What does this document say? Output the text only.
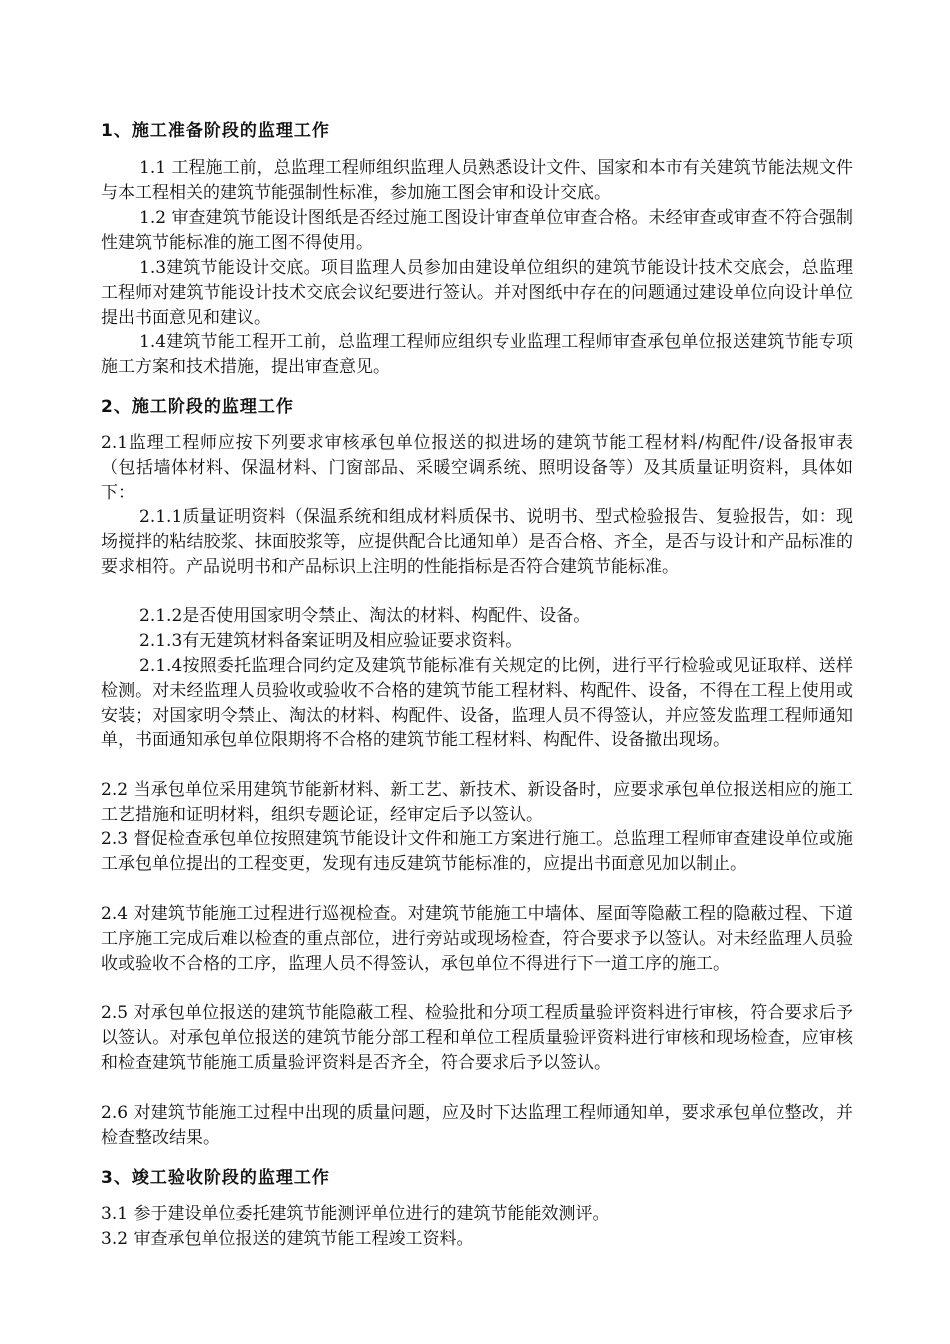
1、施工准备阶段的监理工作

1.1 工程施工前，总监理工程师组织监理人员熟悉设计文件、国家和本市有关建筑节能法规文件与本工程相关的建筑节能强制性标准，参加施工图会审和设计交底。

1.2 审查建筑节能设计图纸是否经过施工图设计审查单位审查合格。未经审查或审查不符合强制性建筑节能标准的施工图不得使用。

1.3建筑节能设计交底。项目监理人员参加由建设单位组织的建筑节能设计技术交底会，总监理工程师对建筑节能设计技术交底会议纪要进行签认。并对图纸中存在的问题通过建设单位向设计单位提出书面意见和建议。

1.4建筑节能工程开工前，总监理工程师应组织专业监理工程师审查承包单位报送建筑节能专项施工方案和技术措施，提出审查意见。

2、施工阶段的监理工作

2.1监理工程师应按下列要求审核承包单位报送的拟进场的建筑节能工程材料/构配件/设备报审表（包括墙体材料、保温材料、门窗部品、采暖空调系统、照明设备等）及其质量证明资料，具体如下：

2.1.1质量证明资料（保温系统和组成材料质保书、说明书、型式检验报告、复验报告，如：现场搅拌的粘结胶浆、抹面胶浆等，应提供配合比通知单）是否合格、齐全，是否与设计和产品标准的要求相符。产品说明书和产品标识上注明的性能指标是否符合建筑节能标准。

2.1.2是否使用国家明令禁止、淘汰的材料、构配件、设备。

2.1.3有无建筑材料备案证明及相应验证要求资料。

2.1.4按照委托监理合同约定及建筑节能标准有关规定的比例，进行平行检验或见证取样、送样检测。对未经监理人员验收或验收不合格的建筑节能工程材料、构配件、设备，不得在工程上使用或安装；对国家明令禁止、淘汰的材料、构配件、设备，监理人员不得签认，并应签发监理工程师通知单，书面通知承包单位限期将不合格的建筑节能工程材料、构配件、设备撤出现场。

2.2 当承包单位采用建筑节能新材料、新工艺、新技术、新设备时，应要求承包单位报送相应的施工工艺措施和证明材料，组织专题论证，经审定后予以签认。

2.3 督促检查承包单位按照建筑节能设计文件和施工方案进行施工。总监理工程师审查建设单位或施工承包单位提出的工程变更，发现有违反建筑节能标准的，应提出书面意见加以制止。

2.4 对建筑节能施工过程进行巡视检查。对建筑节能施工中墙体、屋面等隐蔽工程的隐蔽过程、下道工序施工完成后难以检查的重点部位，进行旁站或现场检查，符合要求予以签认。对未经监理人员验收或验收不合格的工序，监理人员不得签认，承包单位不得进行下一道工序的施工。

2.5 对承包单位报送的建筑节能隐蔽工程、检验批和分项工程质量验评资料进行审核，符合要求后予以签认。对承包单位报送的建筑节能分部工程和单位工程质量验评资料进行审核和现场检查，应审核和检查建筑节能施工质量验评资料是否齐全，符合要求后予以签认。

2.6 对建筑节能施工过程中出现的质量问题，应及时下达监理工程师通知单，要求承包单位整改，并检查整改结果。

3、竣工验收阶段的监理工作

3.1 参于建设单位委托建筑节能测评单位进行的建筑节能能效测评。

3.2 审查承包单位报送的建筑节能工程竣工资料。
